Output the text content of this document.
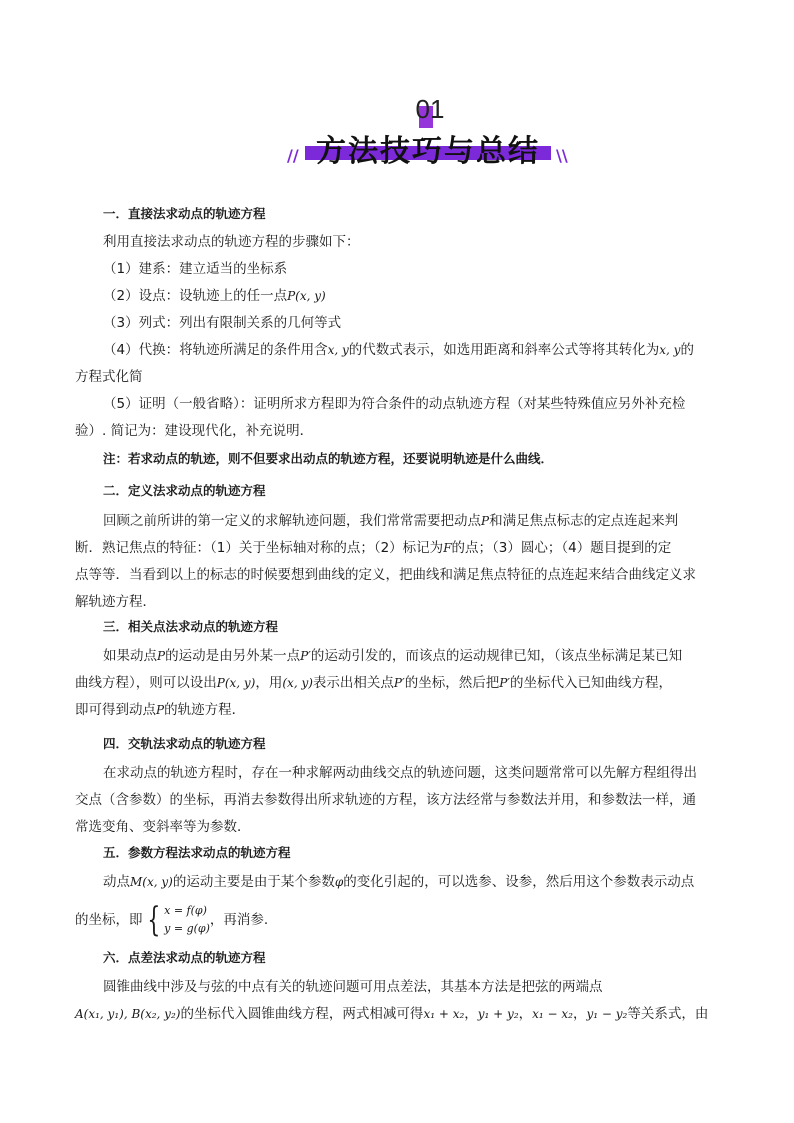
01
方法技巧与总结
//	\\
一．直接法求动点的轨迹方程

利用直接法求动点的轨迹方程的步骤如下：

（1）建系：建立适当的坐标系

（2）设点：设轨迹上的任一点P(x, y)

（3）列式：列出有限制关系的几何等式

（4）代换：将轨迹所满足的条件用含x, y的代数式表示，如选用距离和斜率公式等将其转化为x, y的

方程式化简

（5）证明（一般省略）：证明所求方程即为符合条件的动点轨迹方程（对某些特殊值应另外补充检

验）. 简记为：建设现代化，补充说明．

注：若求动点的轨迹，则不但要求出动点的轨迹方程，还要说明轨迹是什么曲线．

二．定义法求动点的轨迹方程

回顾之前所讲的第一定义的求解轨迹问题，我们常常需要把动点P和满足焦点标志的定点连起来判

断．熟记焦点的特征：（1）关于坐标轴对称的点；（2）标记为F的点；（3）圆心；（4）题目提到的定

点等等．当看到以上的标志的时候要想到曲线的定义，把曲线和满足焦点特征的点连起来结合曲线定义求

解轨迹方程．

三．相关点法求动点的轨迹方程

如果动点P的运动是由另外某一点P′的运动引发的，而该点的运动规律已知，（该点坐标满足某已知

曲线方程），则可以设出P(x, y)，用(x, y)表示出相关点P′的坐标，然后把P′的坐标代入已知曲线方程，

即可得到动点P的轨迹方程．

四．交轨法求动点的轨迹方程

在求动点的轨迹方程时，存在一种求解两动曲线交点的轨迹问题，这类问题常常可以先解方程组得出

交点（含参数）的坐标，再消去参数得出所求轨迹的方程，该方法经常与参数法并用，和参数法一样，通

常选变角、变斜率等为参数．

五．参数方程法求动点的轨迹方程

动点M(x, y)的运动主要是由于某个参数φ的变化引起的，可以选参、设参，然后用这个参数表示动点

的坐标，即 { x = f(φ)
y = g(φ)，再消参.

六．点差法求动点的轨迹方程

圆锥曲线中涉及与弦的中点有关的轨迹问题可用点差法，其基本方法是把弦的两端点

A(x₁, y₁), B(x₂, y₂)的坐标代入圆锥曲线方程，两式相减可得x₁ + x₂，y₁ + y₂，x₁ − x₂，y₁ − y₂等关系式，由
